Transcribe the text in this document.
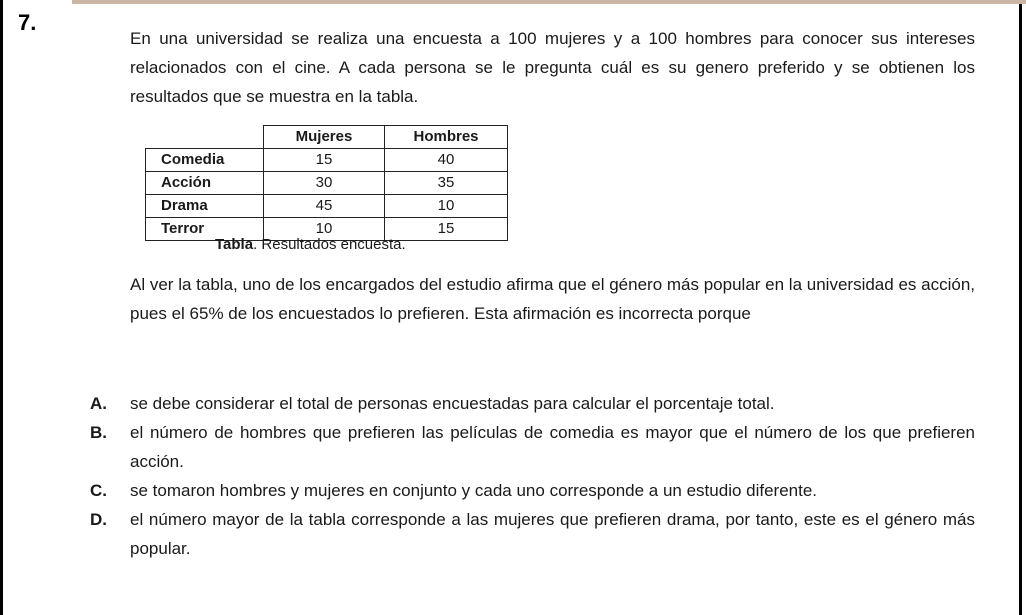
7.
En una universidad se realiza una encuesta a 100 mujeres y a 100 hombres para conocer sus intereses relacionados con el cine. A cada persona se le pregunta cuál es su genero preferido y se obtienen los resultados que se muestra en la tabla.
	Mujeres	Hombres
Comedia	15	40
Acción	30	35
Drama	45	10
Terror	10	15
Tabla. Resultados encuesta.
Al ver la tabla, uno de los encargados del estudio afirma que el género más popular en la universidad es acción, pues el 65% de los encuestados lo prefieren. Esta afirmación es incorrecta porque
A.	se debe considerar el total de personas encuestadas para calcular el porcentaje total.
B.	el número de hombres que prefieren las películas de comedia es mayor que el número de los que prefieren acción.
C.	se tomaron hombres y mujeres en conjunto y cada uno corresponde a un estudio diferente.
D.	el número mayor de la tabla corresponde a las mujeres que prefieren drama, por tanto, este es el género más popular.
